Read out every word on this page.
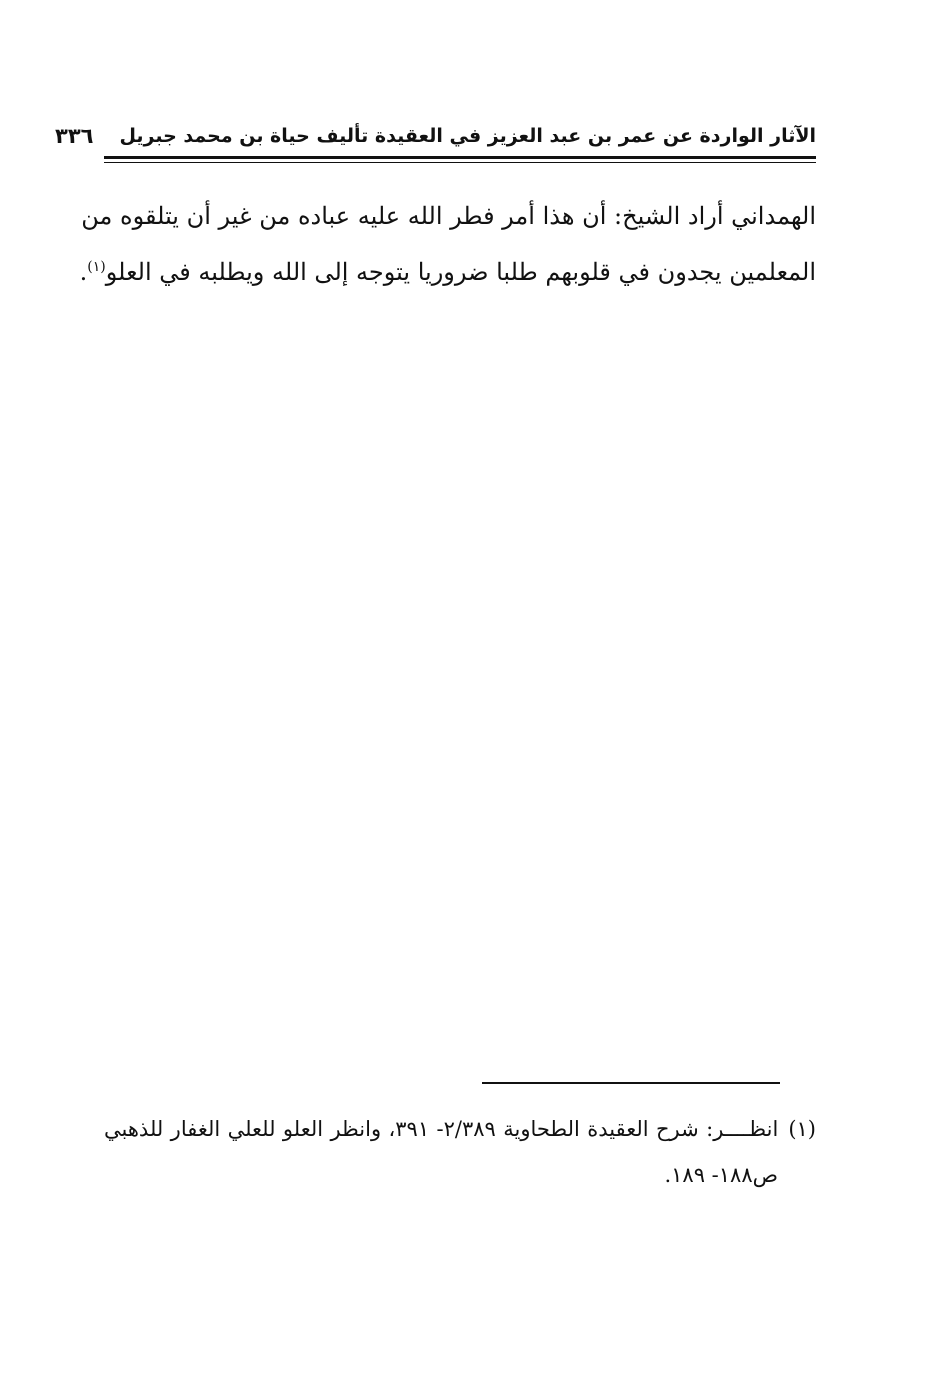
الآثار الواردة عن عمر بن عبد العزيز في العقيدة تأليف حياة بن محمد جبريل
٣٣٦
الهمداني أراد الشيخ: أن هذا أمر فطر الله عليه عباده من غير أن يتلقوه من
المعلمين يجدون في قلوبهم طلبا ضروريا يتوجه إلى الله ويطلبه في العلو$^{(١)}$.
(١)انظــــر: شرح العقيدة الطحاوية ٢/٣٨٩- ٣٩١، وانظر العلو للعلي الغفار للذهبي
ص١٨٨- ١٨٩.
